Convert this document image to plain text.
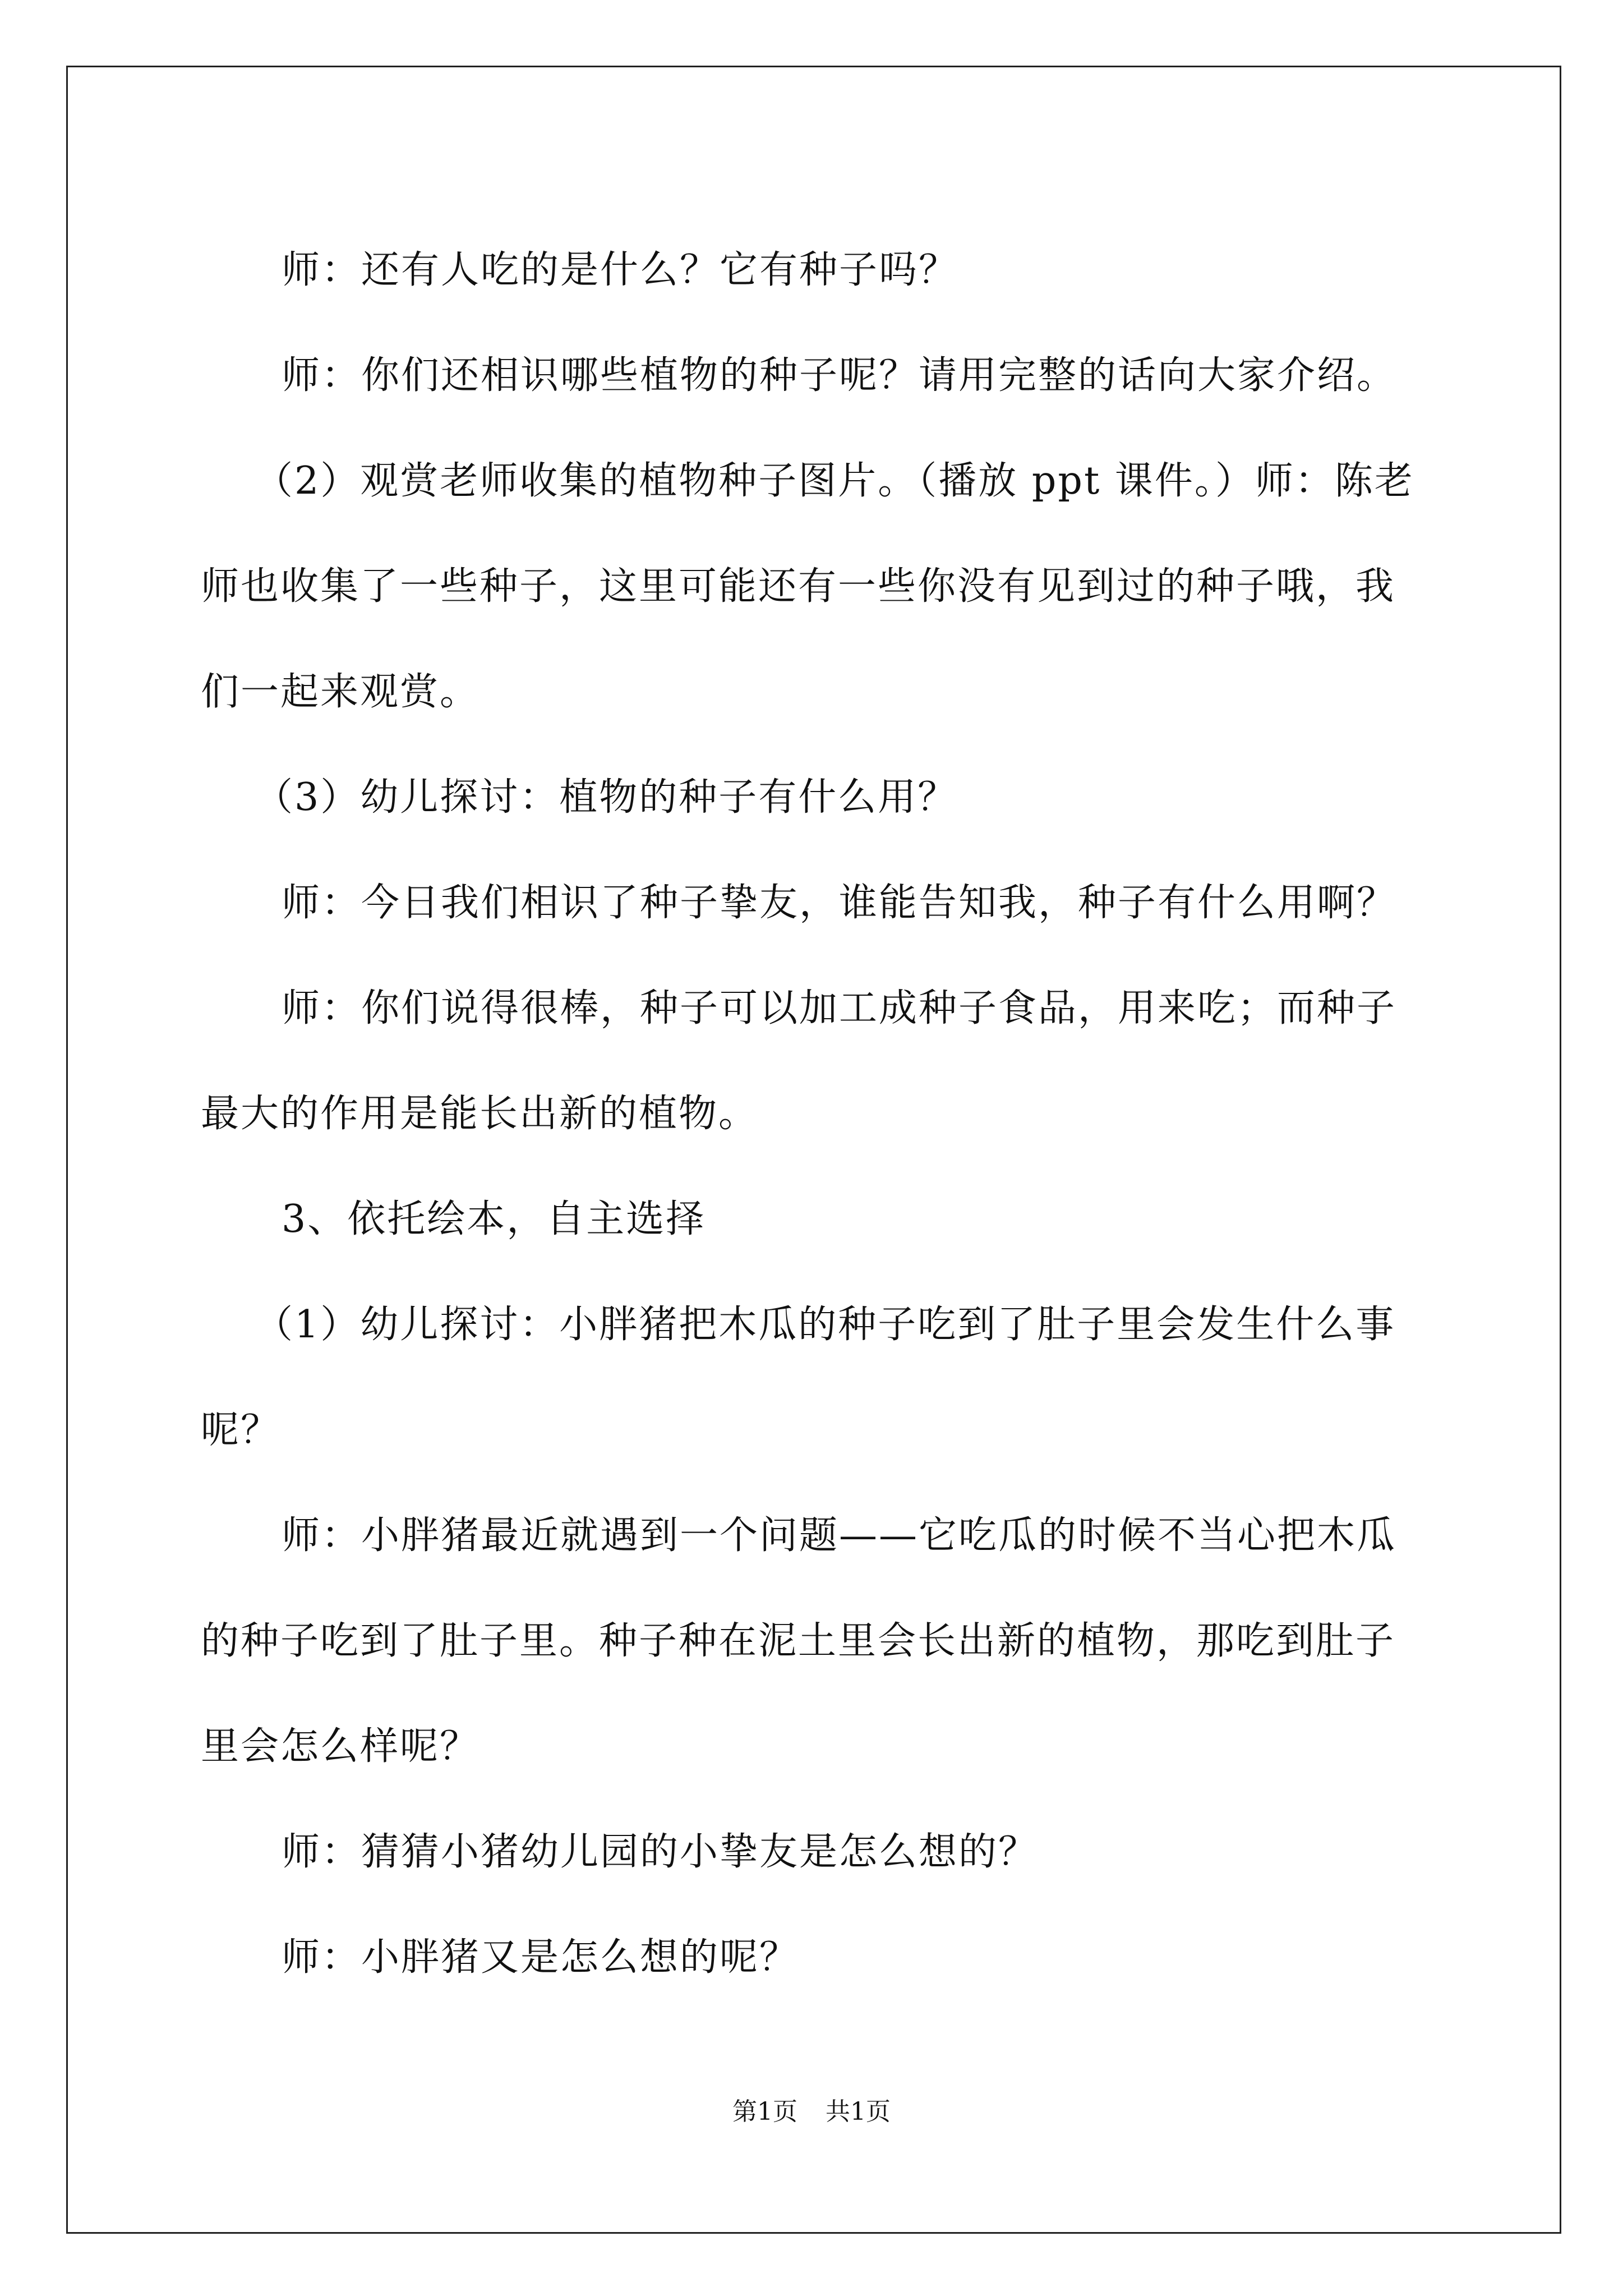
师：还有人吃的是什么？它有种子吗？

师：你们还相识哪些植物的种子呢？请用完整的话向大家介绍。

（2）观赏老师收集的植物种子图片。（播放 ppt 课件。）师：陈老师也收集了一些种子，这里可能还有一些你没有见到过的种子哦，我们一起来观赏。

（3）幼儿探讨：植物的种子有什么用？

师：今日我们相识了种子挚友，谁能告知我，种子有什么用啊？

师：你们说得很棒，种子可以加工成种子食品，用来吃；而种子最大的作用是能长出新的植物。

3、依托绘本，自主选择

（1）幼儿探讨：小胖猪把木瓜的种子吃到了肚子里会发生什么事呢？

师：小胖猪最近就遇到一个问题——它吃瓜的时候不当心把木瓜的种子吃到了肚子里。种子种在泥土里会长出新的植物，那吃到肚子里会怎么样呢？

师：猜猜小猪幼儿园的小挚友是怎么想的？

师：小胖猪又是怎么想的呢？

第1页 共1页
